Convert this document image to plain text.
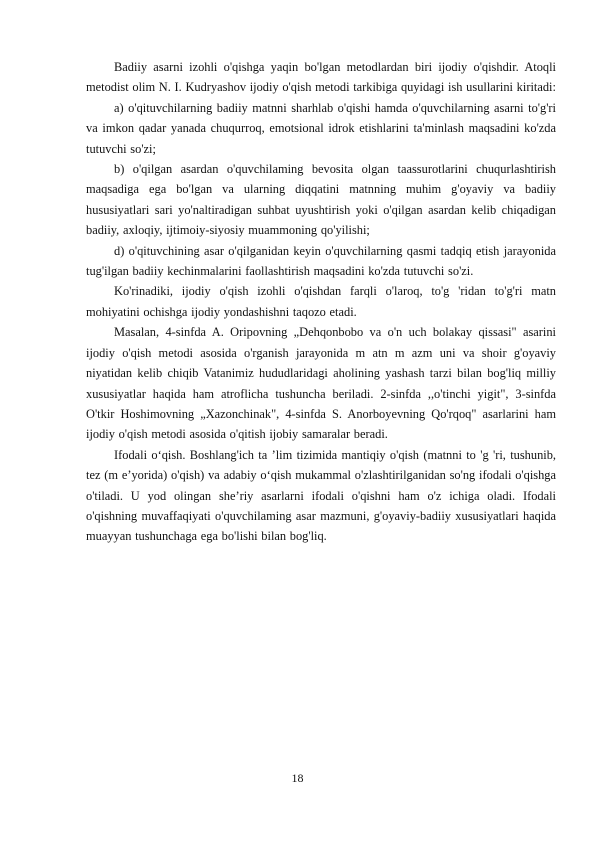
Badiiy asarni izohli o'qishga yaqin bo'lgan metodlardan biri ijodiy o'qishdir. Atoqli metodist olim N. I. Kudryashov ijodiy o'qish metodi tarkibiga quyidagi ish usullarini kiritadi:

a) o'qituvchilarning badiiy matnni sharhlab o'qishi hamda o'quvchilarning asarni to'g'ri va imkon qadar yanada chuqurroq, emotsional idrok etishlarini ta'minlash maqsadini ko'zda tutuvchi so'zi;

b) o'qilgan asardan o'quvchilaming bevosita olgan taassurotlarini chuqurlashtirish maqsadiga ega bo'lgan va ularning diqqatini matnning muhim g'oyaviy va badiiy hususiyatlari sari yo'naltiradigan suhbat uyushtirish yoki o'qilgan asardan kelib chiqadigan badiiy, axloqiy, ijtimoiy-siyosiy muammoning qo'yilishi;

d) o'qituvchining asar o'qilganidan keyin o'quvchilarning qasmi tadqiq etish jarayonida tug'ilgan badiiy kechinmalarini faollashtirish maqsadini ko'zda tutuvchi so'zi.

Ko'rinadiki, ijodiy o'qish izohli o'qishdan farqli o'laroq, to'g 'ridan to'g'ri matn mohiyatini ochishga ijodiy yondashishni taqozo etadi.

Masalan, 4-sinfda A. Oripovning „Dehqonbobo va o'n uch bolakay qissasi" asarini ijodiy o'qish metodi asosida o'rganish jarayonida m atn m azm uni va shoir g'oyaviy niyatidan kelib chiqib Vatanimiz hududlaridagi aholining yashash tarzi bilan bog'liq milliy xususiyatlar haqida ham atroflicha tushuncha beriladi. 2-sinfda ,,o'tinchi yigit", 3-sinfda O'tkir Hoshimovning „Xazonchinak", 4-sinfda S. Anorboyevning Qo'rqoq" asarlarini ham ijodiy o'qish metodi asosida o'qitish ijobiy samaralar beradi.

Ifodali o‘qish. Boshlang'ich ta ’lim tizimida mantiqiy o'qish (matnni to 'g 'ri, tushunib, tez (m e’yorida) o'qish) va adabiy o‘qish mukammal o'zlashtirilganidan so'ng ifodali o'qishga o'tiladi. U yod olingan she’riy asarlarni ifodali o'qishni ham o'z ichiga oladi. Ifodali o'qishning muvaffaqiyati o'quvchilaming asar mazmuni, g'oyaviy-badiiy xususiyatlari haqida muayyan tushunchaga ega bo'lishi bilan bog'liq.

18
